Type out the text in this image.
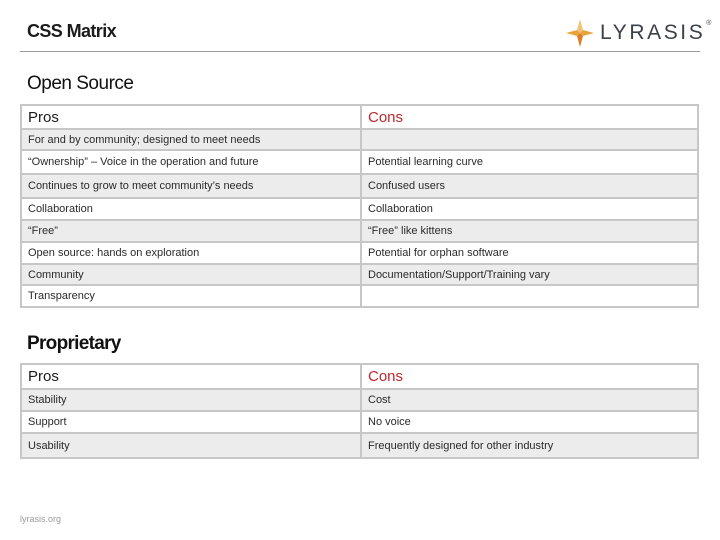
CSS Matrix	LYRASIS ®
Open Source
Pros	Cons
For and by community; designed to meet needs	
“Ownership” – Voice in the operation and future	Potential learning curve
Continues to grow to meet community’s needs	Confused users
Collaboration	Collaboration
“Free”	“Free” like kittens
Open source: hands on exploration	Potential for orphan software
Community	Documentation/Support/Training vary
Transparency	
Proprietary
Pros	Cons
Stability	Cost
Support	No voice
Usability	Frequently designed for other industry
lyrasis.org
